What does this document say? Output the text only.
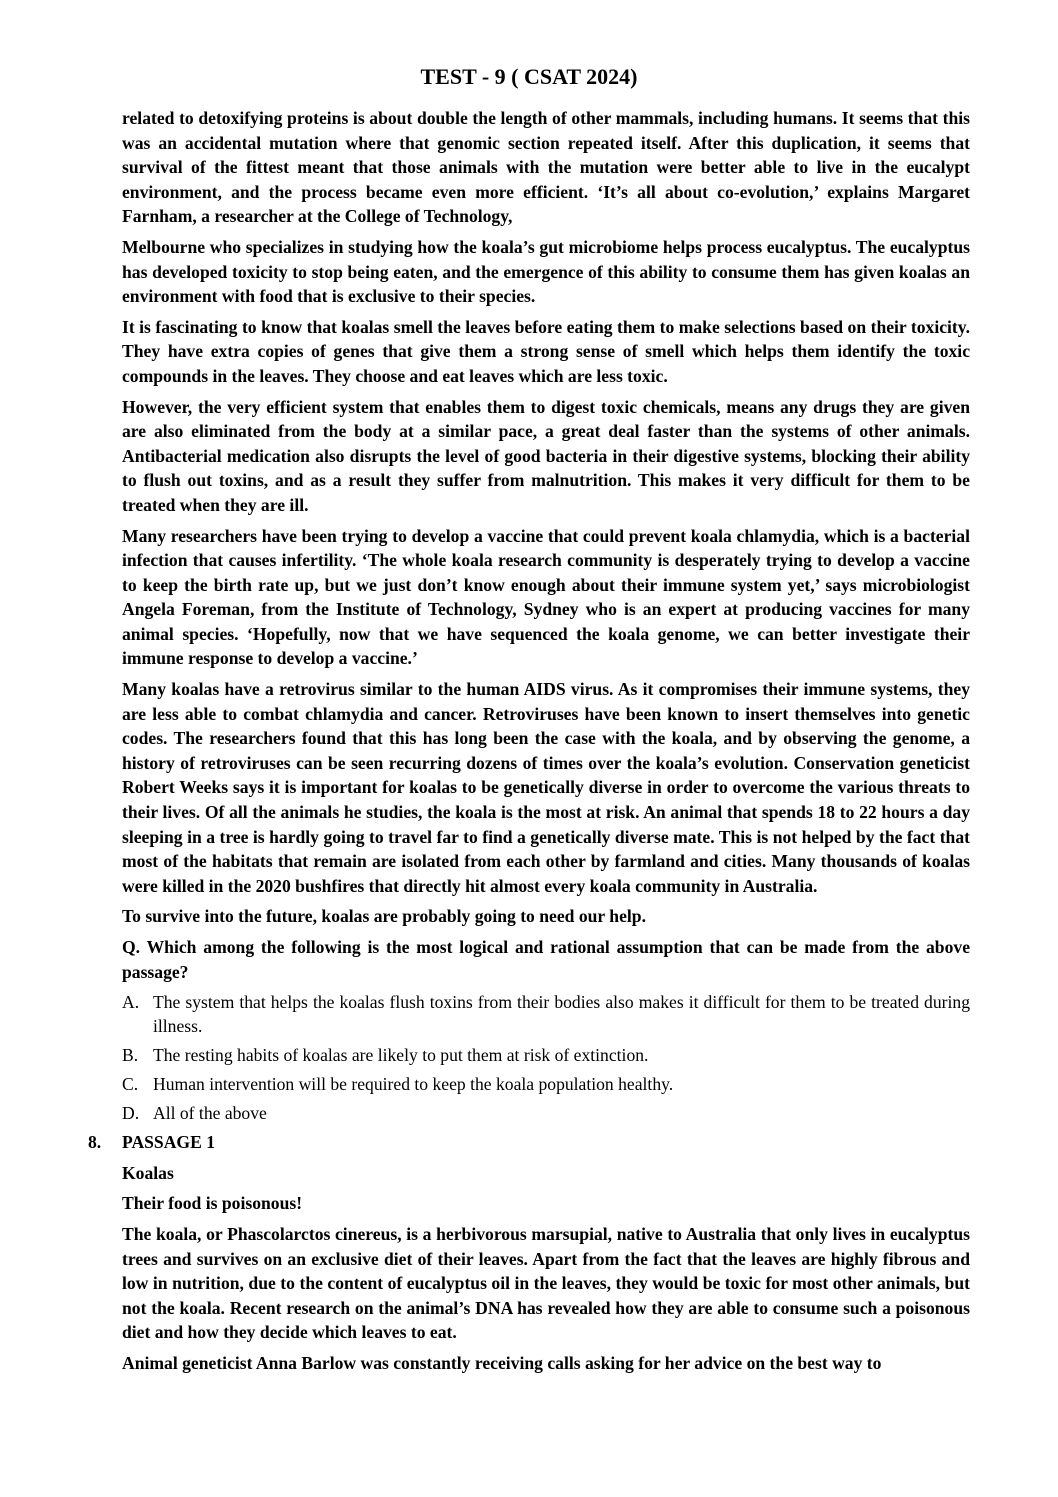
TEST - 9 ( CSAT 2024)

related to detoxifying proteins is about double the length of other mammals, including humans. It seems that this was an accidental mutation where that genomic section repeated itself. After this duplication, it seems that survival of the fittest meant that those animals with the mutation were better able to live in the eucalypt environment, and the process became even more efficient. ‘It’s all about co-evolution,’ explains Margaret Farnham, a researcher at the College of Technology,

Melbourne who specializes in studying how the koala’s gut microbiome helps process eucalyptus. The eucalyptus has developed toxicity to stop being eaten, and the emergence of this ability to consume them has given koalas an environment with food that is exclusive to their species.

It is fascinating to know that koalas smell the leaves before eating them to make selections based on their toxicity. They have extra copies of genes that give them a strong sense of smell which helps them identify the toxic compounds in the leaves. They choose and eat leaves which are less toxic.

However, the very efficient system that enables them to digest toxic chemicals, means any drugs they are given are also eliminated from the body at a similar pace, a great deal faster than the systems of other animals. Antibacterial medication also disrupts the level of good bacteria in their digestive systems, blocking their ability to flush out toxins, and as a result they suffer from malnutrition. This makes it very difficult for them to be treated when they are ill.

Many researchers have been trying to develop a vaccine that could prevent koala chlamydia, which is a bacterial infection that causes infertility. ‘The whole koala research community is desperately trying to develop a vaccine to keep the birth rate up, but we just don’t know enough about their immune system yet,’ says microbiologist Angela Foreman, from the Institute of Technology, Sydney who is an expert at producing vaccines for many animal species. ‘Hopefully, now that we have sequenced the koala genome, we can better investigate their immune response to develop a vaccine.’

Many koalas have a retrovirus similar to the human AIDS virus. As it compromises their immune systems, they are less able to combat chlamydia and cancer. Retroviruses have been known to insert themselves into genetic codes. The researchers found that this has long been the case with the koala, and by observing the genome, a history of retroviruses can be seen recurring dozens of times over the koala’s evolution. Conservation geneticist Robert Weeks says it is important for koalas to be genetically diverse in order to overcome the various threats to their lives. Of all the animals he studies, the koala is the most at risk. An animal that spends 18 to 22 hours a day sleeping in a tree is hardly going to travel far to find a genetically diverse mate. This is not helped by the fact that most of the habitats that remain are isolated from each other by farmland and cities. Many thousands of koalas were killed in the 2020 bushfires that directly hit almost every koala community in Australia.

To survive into the future, koalas are probably going to need our help.

Q. Which among the following is the most logical and rational assumption that can be made from the above passage?

A. The system that helps the koalas flush toxins from their bodies also makes it difficult for them to be treated during illness.
B. The resting habits of koalas are likely to put them at risk of extinction.
C. Human intervention will be required to keep the koala population healthy.
D. All of the above
8.	PASSAGE 1
Koalas
Their food is poisonous!

The koala, or Phascolarctos cinereus, is a herbivorous marsupial, native to Australia that only lives in eucalyptus trees and survives on an exclusive diet of their leaves. Apart from the fact that the leaves are highly fibrous and low in nutrition, due to the content of eucalyptus oil in the leaves, they would be toxic for most other animals, but not the koala. Recent research on the animal’s DNA has revealed how they are able to consume such a poisonous diet and how they decide which leaves to eat.

Animal geneticist Anna Barlow was constantly receiving calls asking for her advice on the best way to
